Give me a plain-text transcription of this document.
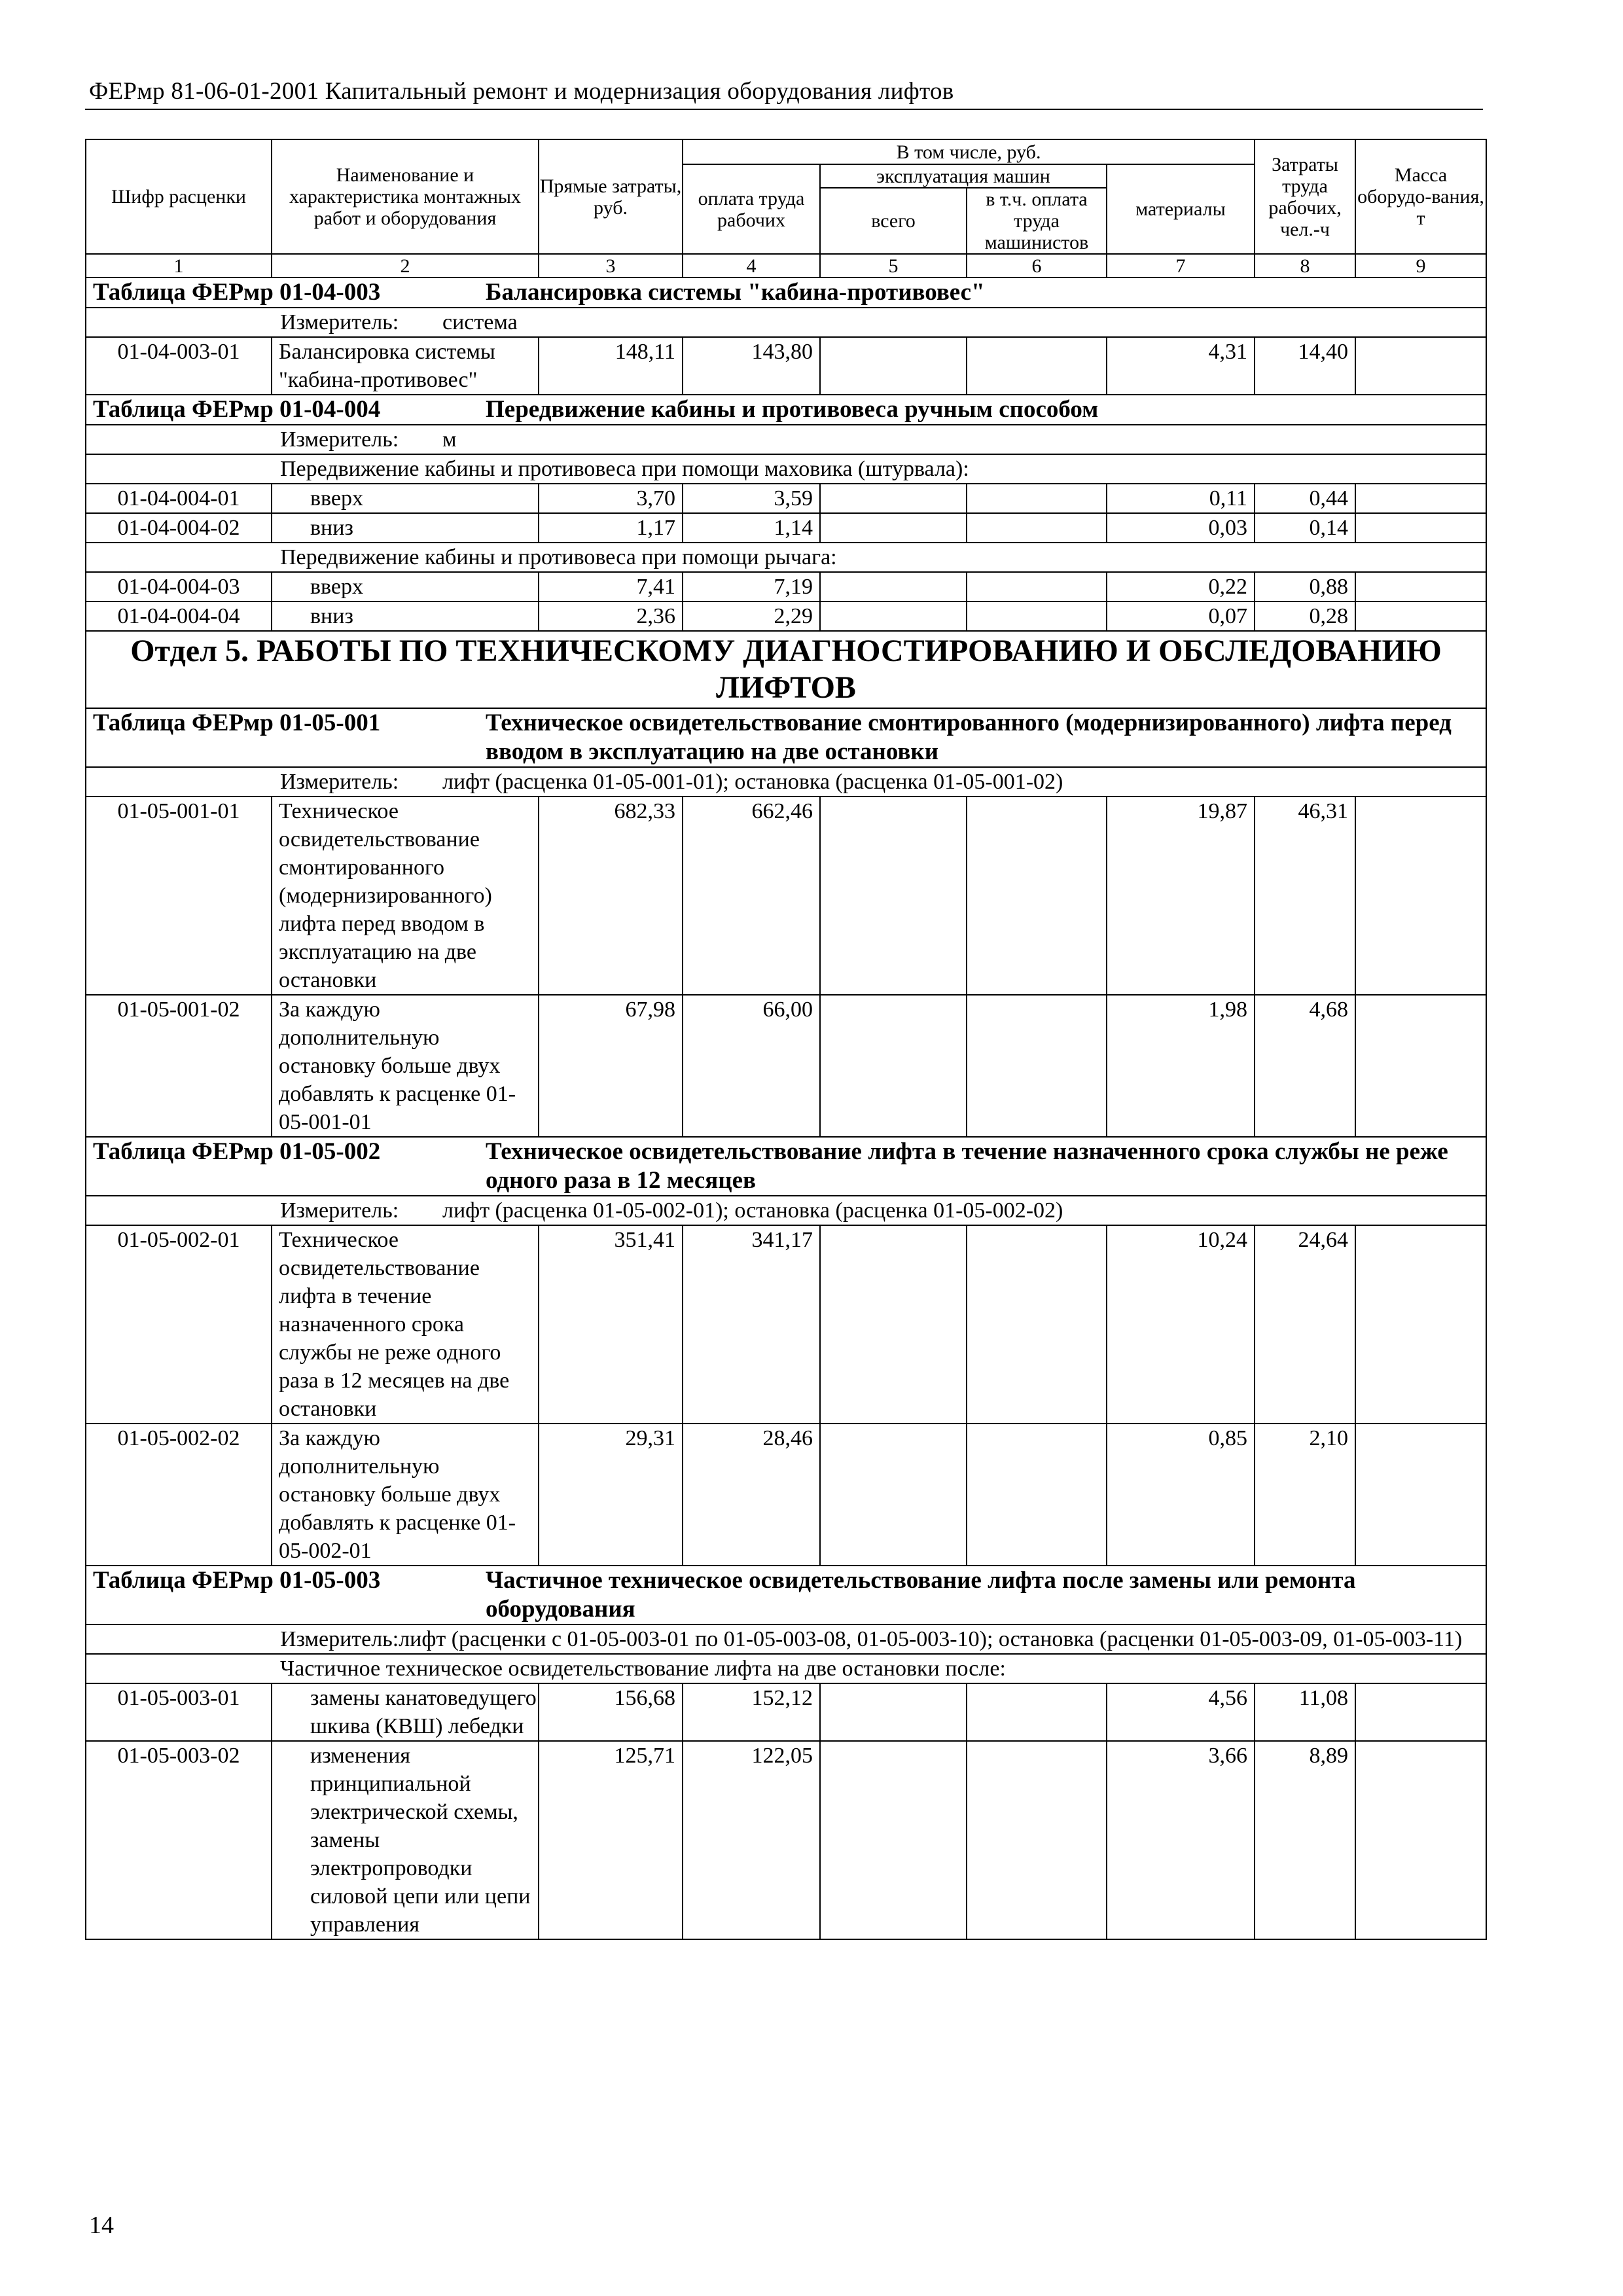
ФЕРмр 81-06-01-2001 Капитальный ремонт и модернизация оборудования лифтов
Шифр расценки	Наименование и характеристика монтажных работ и оборудования	Прямые затраты, руб.	В том числе, руб.				Затраты труда рабочих, чел.-ч	Масса оборудо-вания, т
			оплата труда рабочих	эксплуатация машин		материалы		
				всего	в т.ч. оплата труда машинистов			

1	2	3	4	5	6	7	8	9

Таблица ФЕРмр 01-04-003 Балансировка системы "кабина-противовес"								

Измеритель: система								
01-04-003-01	Балансировка системы "кабина-противовес"	148,11	143,80			4,31	14,40	

Таблица ФЕРмр 01-04-004 Передвижение кабины и противовеса ручным способом								

Измеритель: м								
Передвижение кабины и противовеса при помощи маховика (штурвала):								
01-04-004-01	вверх	3,70	3,59			0,11	0,44	
01-04-004-02	вниз	1,17	1,14			0,03	0,14	
Передвижение кабины и противовеса при помощи рычага:								
01-04-004-03	вверх	7,41	7,19			0,22	0,88	
01-04-004-04	вниз	2,36	2,29			0,07	0,28	
Отдел 5. РАБОТЫ ПО ТЕХНИЧЕСКОМУ ДИАГНОСТИРОВАНИЮ И ОБСЛЕДОВАНИЮ ЛИФТОВ								

Таблица ФЕРмр 01-05-001 Техническое освидетельствование смонтированного (модернизированного) лифта перед вводом в эксплуатацию на две остановки								

Измеритель: лифт (расценка 01-05-001-01); остановка (расценка 01-05-001-02)								
01-05-001-01	Техническое освидетельствование смонтированного (модернизированного) лифта перед вводом в эксплуатацию на две остановки	682,33	662,46			19,87	46,31	
01-05-001-02	За каждую дополнительную остановку больше двух добавлять к расценке 01-05-001-01	67,98	66,00			1,98	4,68	

Таблица ФЕРмр 01-05-002 Техническое освидетельствование лифта в течение назначенного срока службы не реже одного раза в 12 месяцев								

Измеритель: лифт (расценка 01-05-002-01); остановка (расценка 01-05-002-02)								
01-05-002-01	Техническое освидетельствование лифта в течение назначенного срока службы не реже одного раза в 12 месяцев на две остановки	351,41	341,17			10,24	24,64	
01-05-002-02	За каждую дополнительную остановку больше двух добавлять к расценке 01-05-002-01	29,31	28,46			0,85	2,10	

Таблица ФЕРмр 01-05-003 Частичное техническое освидетельствование лифта после замены или ремонта оборудования								

Измеритель:лифт (расценки с 01-05-003-01 по 01-05-003-08, 01-05-003-10); остановка (расценки 01-05-003-09, 01-05-003-11)								
Частичное техническое освидетельствование лифта на две остановки после:								
01-05-003-01	замены канатоведущего шкива (КВШ) лебедки	156,68	152,12			4,56	11,08	
01-05-003-02	изменения принципиальной электрической схемы, замены электропроводки силовой цепи или цепи управления	125,71	122,05			3,66	8,89	
14
